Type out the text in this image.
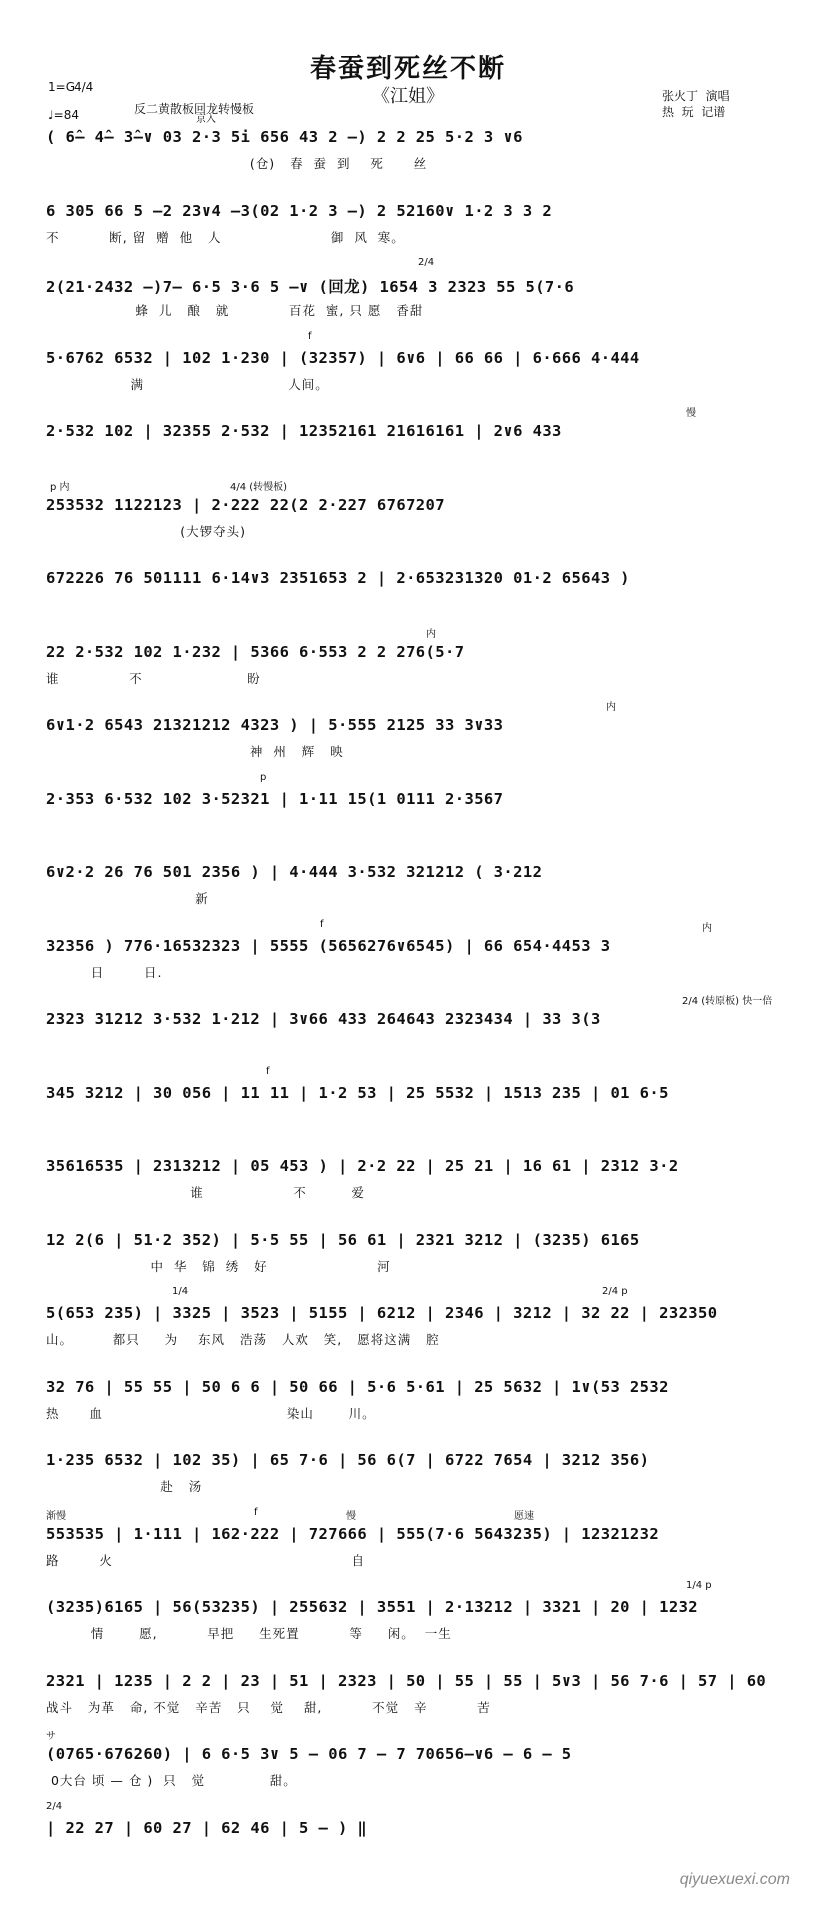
春蚕到死丝不断
《江姐》
1=G 4/4
♩=84	反二黄散板回龙转慢板
张火丁  演唱
热  玩  记谱
京入
( 6̂— 4̂— 3̂—∨ 03 2·3 5i 656 43 2 —) 2 2 25 5·2 3 ∨6
(仓)   春  蚕  到    死      丝
6 305 66 5 —2 23∨4 —3(02 1·2 3 —) 2 52160∨ 1·2 3 3 2
不          断, 留  赠  他   人                      御  风  寒。
2/4
2(21·2432 —)7— 6·5 3·6 5 —∨ (回龙) 1654 3 2323 55 5(7·6
蜂  儿   酿   就            百花  蜜, 只 愿   香甜
f
5·6762 6532 | 102 1·230 | (32357) | 6∨6 | 66 66 | 6·666 4·444
满                             人间。
慢
2·532 102 | 32355 2·532 | 12352161 21616161 | 2∨6 433
p 内	4/4 (转慢板)
253532 1122123 | 2·222 22(2 2·227 6767207
(大锣夺头)
672226 76 501111 6·14∨3 2351653 2 | 2·653231320 01·2 65643 )
内
22 2·532 102 1·232 | 5366 6·553 2 2 276(5·7
谁              不                     盼
内
6∨1·2 6543 21321212 4323 ) | 5·555 2125 33 3∨33
神  州   辉   映
p
2·353 6·532 102 3·52321 | 1·11 15(1 0111 2·3567
6∨2·2 26 76 501 2356 ) | 4·444 3·532 321212 ( 3·212
新
f	内
32356 ) 776·16532323 | 5555 (5656276∨6545) | 66 654·4453 3
日        日.
2/4 (转原板) 快一倍
2323 31212 3·532 1·212 | 3∨66 433 264643 2323434 | 33 3(3
f
345 3212 | 30 056 | 11 11 | 1·2 53 | 25 5532 | 1513 235 | 01 6·5
35616535 | 2313212 | 05 453 ) | 2·2 22 | 25 21 | 16 61 | 2312 3·2
谁                  不         爱
12 2(6 | 51·2 352) | 5·5 55 | 56 61 | 2321 3212 | (3235) 6165
中  华   锦  绣   好                      河
1/4	2/4 p
5(653 235) | 3325 | 3523 | 5155 | 6212 | 2346 | 3212 | 32 22 | 232350
山。        都只     为    东风   浩荡   人欢   笑,   愿将这满   腔
32 76 | 55 55 | 50 6 6 | 50 66 | 5·6 5·61 | 25 5632 | 1∨(53 2532
热      血                                     染山       川。
1·235 6532 | 102 35) | 65 7·6 | 56 6(7 | 6722 7654 | 3212 356)
赴   汤
渐慢	f	慢	愿速
553535 | 1·111 | 162·222 | 727666 | 555(7·6 5643235) | 12321232
路        火                                                自
1/4 p
(3235)6165 | 56(53235) | 255632 | 3551 | 2·13212 | 3321 | 20 | 1232
情       愿,          早把     生死置          等     闲。  一生
2321 | 1235 | 2 2 | 23 | 51 | 2323 | 50 | 55 | 55 | 5∨3 | 56 7·6 | 57 | 60
战斗   为革   命, 不觉   辛苦   只    觉    甜,          不觉   辛          苦
サ
(0765·676260) | 6 6·5 3∨ 5 — 06 7 — 7 70656—∨6 — 6 — 5
0大台 顷 — 仓 )  只   觉             甜。
2/4
| 22 27 | 60 27 | 62 46 | 5 — ) ‖
qiyuexuexi.com
